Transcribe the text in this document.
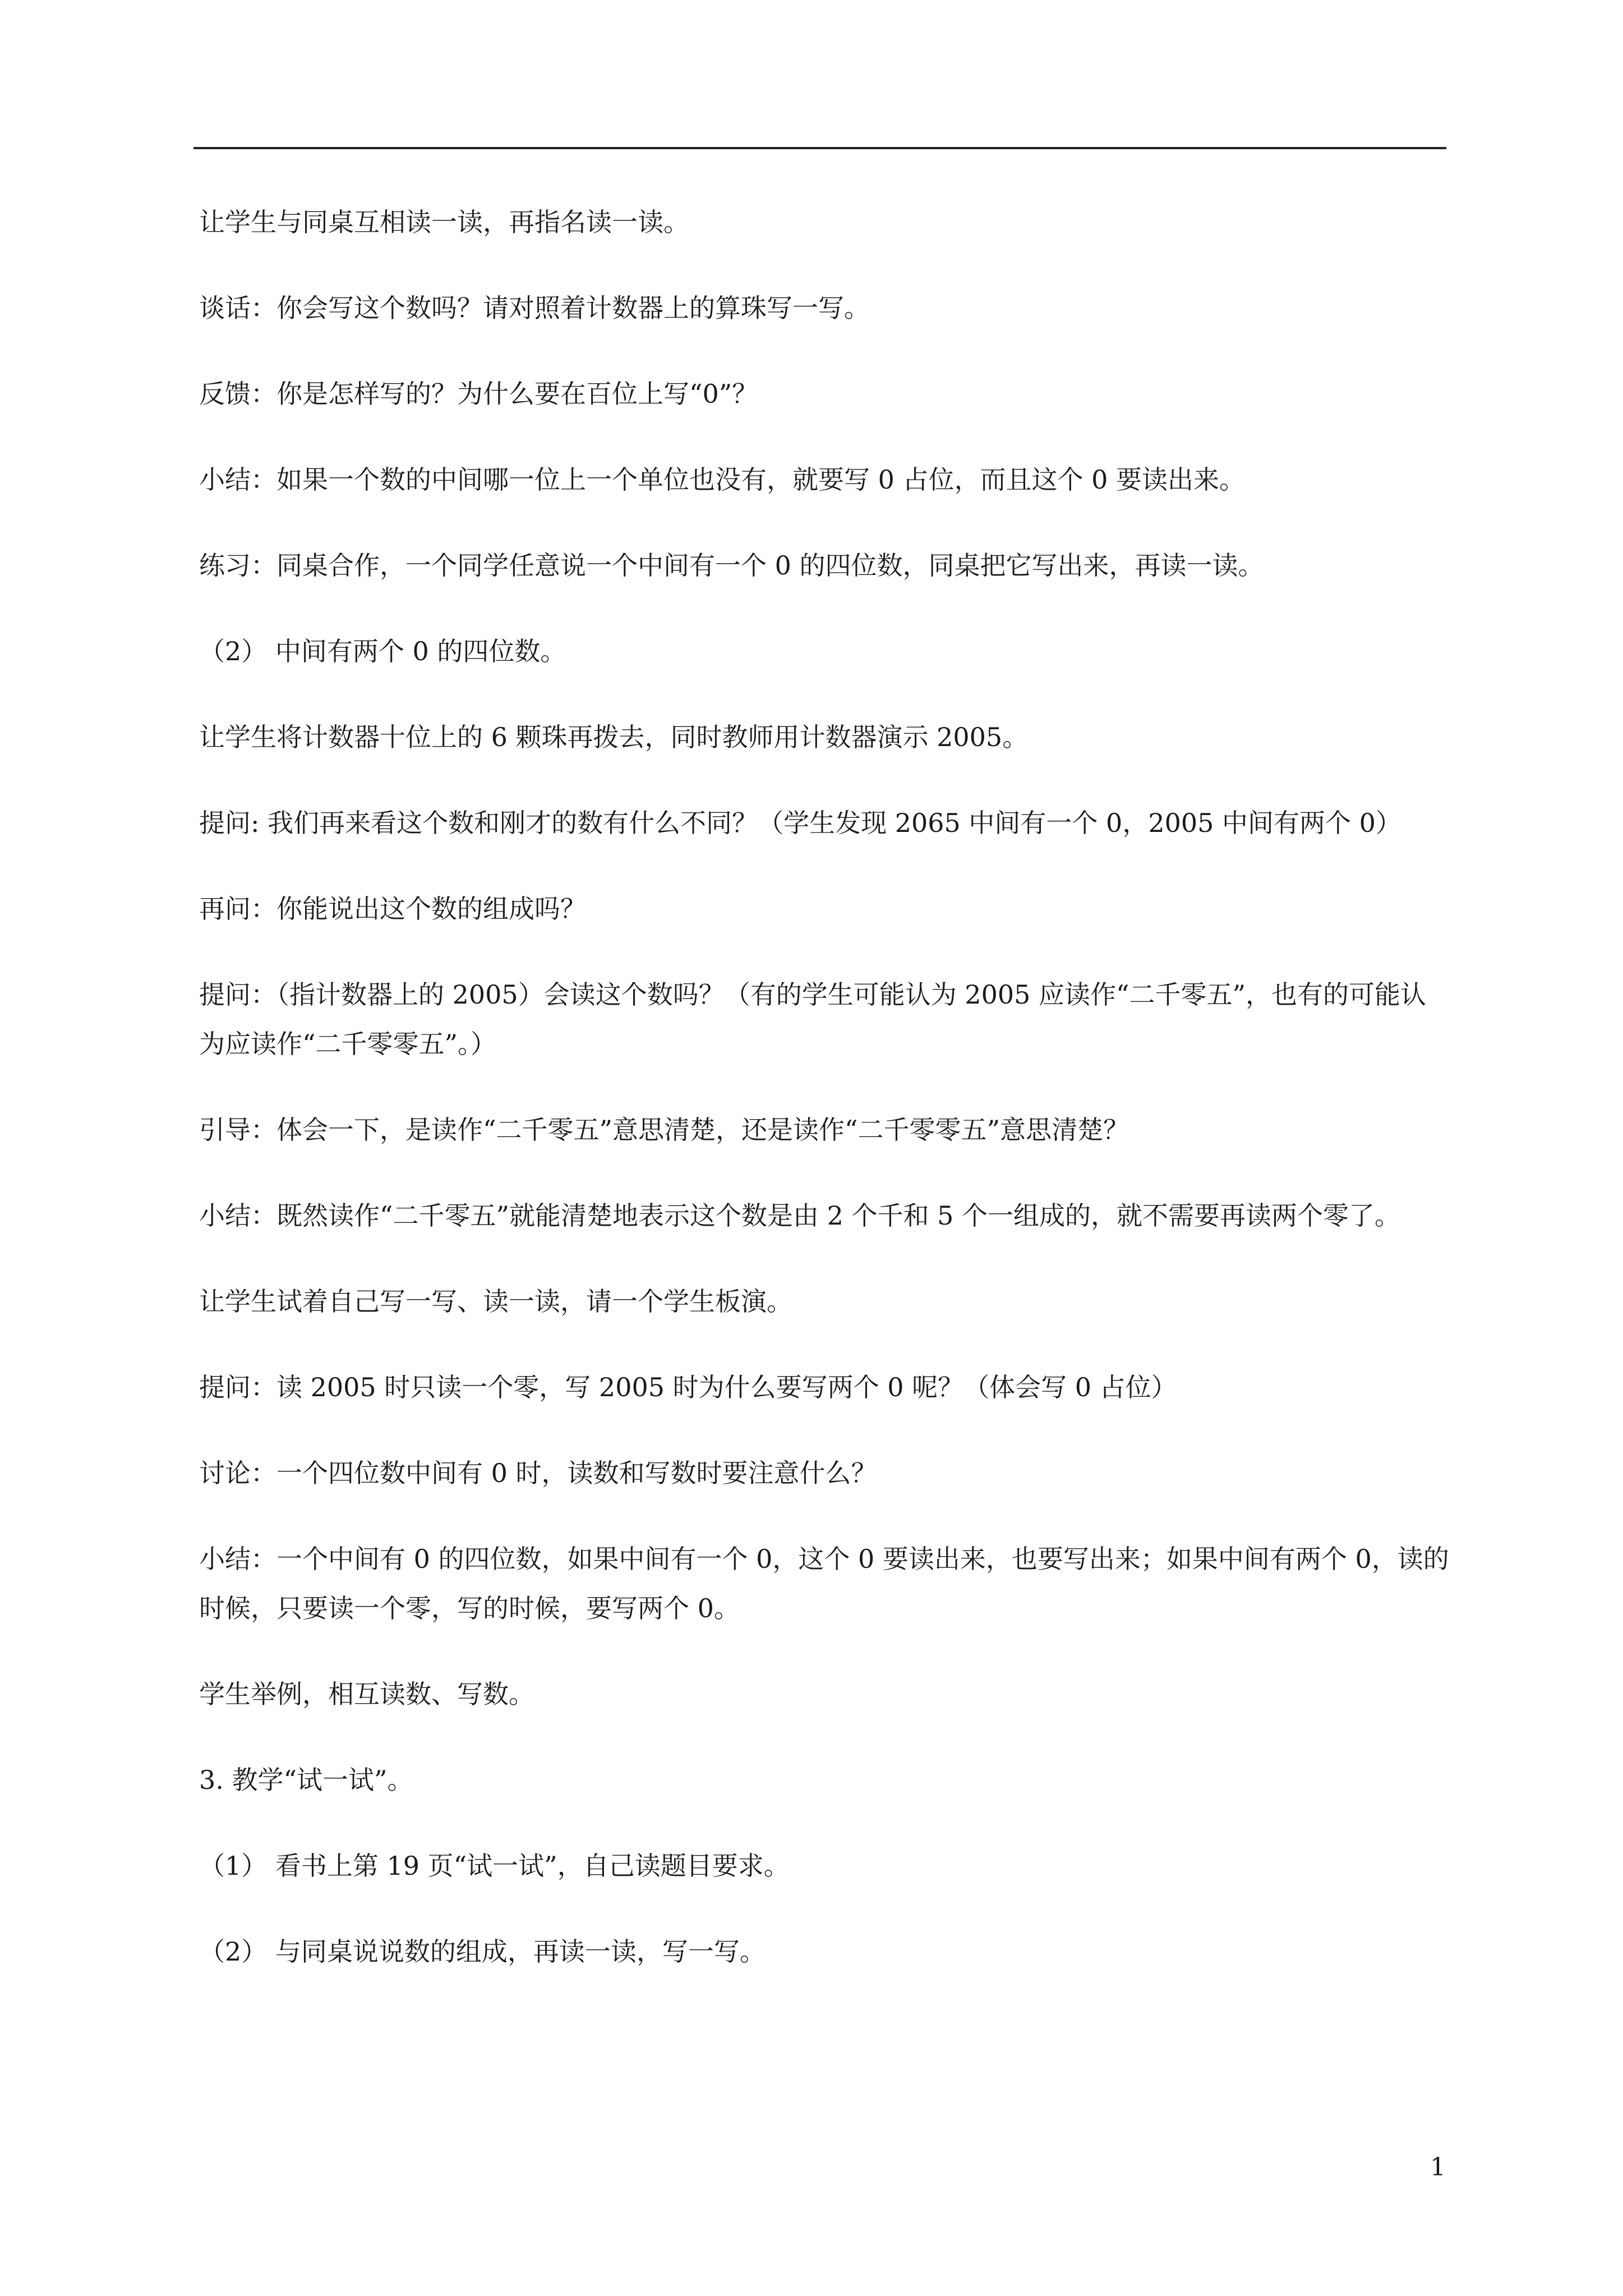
让学生与同桌互相读一读，再指名读一读。

谈话：你会写这个数吗？请对照着计数器上的算珠写一写。

反馈：你是怎样写的？为什么要在百位上写“0”？

小结：如果一个数的中间哪一位上一个单位也没有，就要写 0 占位，而且这个 0 要读出来。

练习：同桌合作，一个同学任意说一个中间有一个 0 的四位数，同桌把它写出来，再读一读。

（2） 中间有两个 0 的四位数。

让学生将计数器十位上的 6 颗珠再拨去，同时教师用计数器演示 2005。

提问: 我们再来看这个数和刚才的数有什么不同？（学生发现 2065 中间有一个 0，2005 中间有两个 0）

再问：你能说出这个数的组成吗？

提问：（指计数器上的 2005）会读这个数吗？（有的学生可能认为 2005 应读作“二千零五”，也有的可能认为应读作“二千零零五”。）

引导：体会一下，是读作“二千零五”意思清楚，还是读作“二千零零五”意思清楚？

小结：既然读作“二千零五”就能清楚地表示这个数是由 2 个千和 5 个一组成的，就不需要再读两个零了。

让学生试着自己写一写、读一读，请一个学生板演。

提问：读 2005 时只读一个零，写 2005 时为什么要写两个 0 呢？（体会写 0 占位）

讨论：一个四位数中间有 0 时，读数和写数时要注意什么？

小结：一个中间有 0 的四位数，如果中间有一个 0，这个 0 要读出来，也要写出来；如果中间有两个 0，读的时候，只要读一个零，写的时候，要写两个 0。

学生举例，相互读数、写数。

3. 教学“试一试”。

（1） 看书上第 19 页“试一试”，自己读题目要求。

（2） 与同桌说说数的组成，再读一读，写一写。

1
